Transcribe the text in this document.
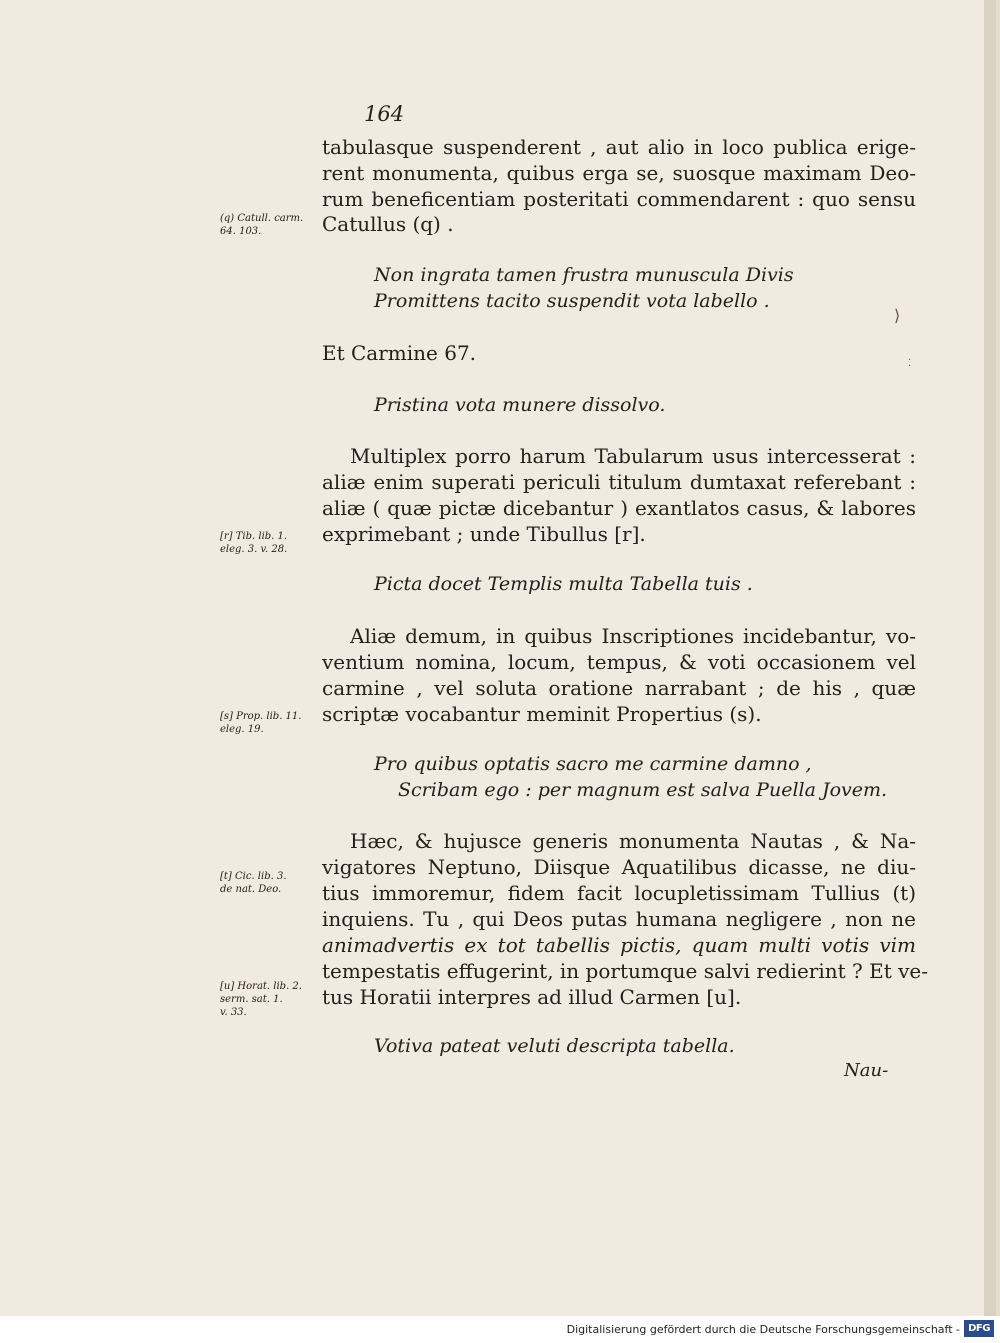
164
tabulasque suspenderent , aut alio in loco publica erige-
rent monumenta, quibus erga se, suosque maximam Deo-
rum beneficentiam posteritati commendarent : quo sensu
Catullus (q) .
Non ingrata tamen frustra munuscula Divis
Promittens tacito suspendit vota labello .
Et Carmine 67.
Pristina vota munere dissolvo.
Multiplex porro harum Tabularum usus intercesserat :
aliæ enim superati periculi titulum dumtaxat referebant :
aliæ ( quæ pictæ dicebantur ) exantlatos casus, & labores
exprimebant ; unde Tibullus [r].
Picta docet Templis multa Tabella tuis .
Aliæ demum, in quibus Inscriptiones incidebantur, vo-
ventium nomina, locum, tempus, & voti occasionem vel
carmine , vel soluta oratione narrabant ; de his , quæ
scriptæ vocabantur meminit Propertius (s).
Pro quibus optatis sacro me carmine damno ,
Scribam ego : per magnum est salva Puella Jovem.
Hæc, & hujusce generis monumenta Nautas , & Na-
vigatores Neptuno, Diisque Aquatilibus dicasse, ne diu-
tius immoremur, fidem facit locupletissimam Tullius (t)
inquiens. Tu , qui Deos putas humana negligere , non ne
animadvertis ex tot tabellis pictis, quam multi votis vim
tempestatis effugerint, in portumque salvi redierint ? Et ve-
tus Horatii interpres ad illud Carmen [u].
Votiva pateat veluti descripta tabella.
Nau-
(q) Catull. carm.
64. 103.
[r] Tib. lib. 1.
eleg. 3. v. 28.
[s] Prop. lib. 11.
eleg. 19.
[t] Cic. lib. 3.
de nat. Deo.
[u] Horat. lib. 2.
serm. sat. 1.
v. 33.
⟩
⁚
Digitalisierung gefördert durch die Deutsche Forschungsgemeinschaft - DFG
